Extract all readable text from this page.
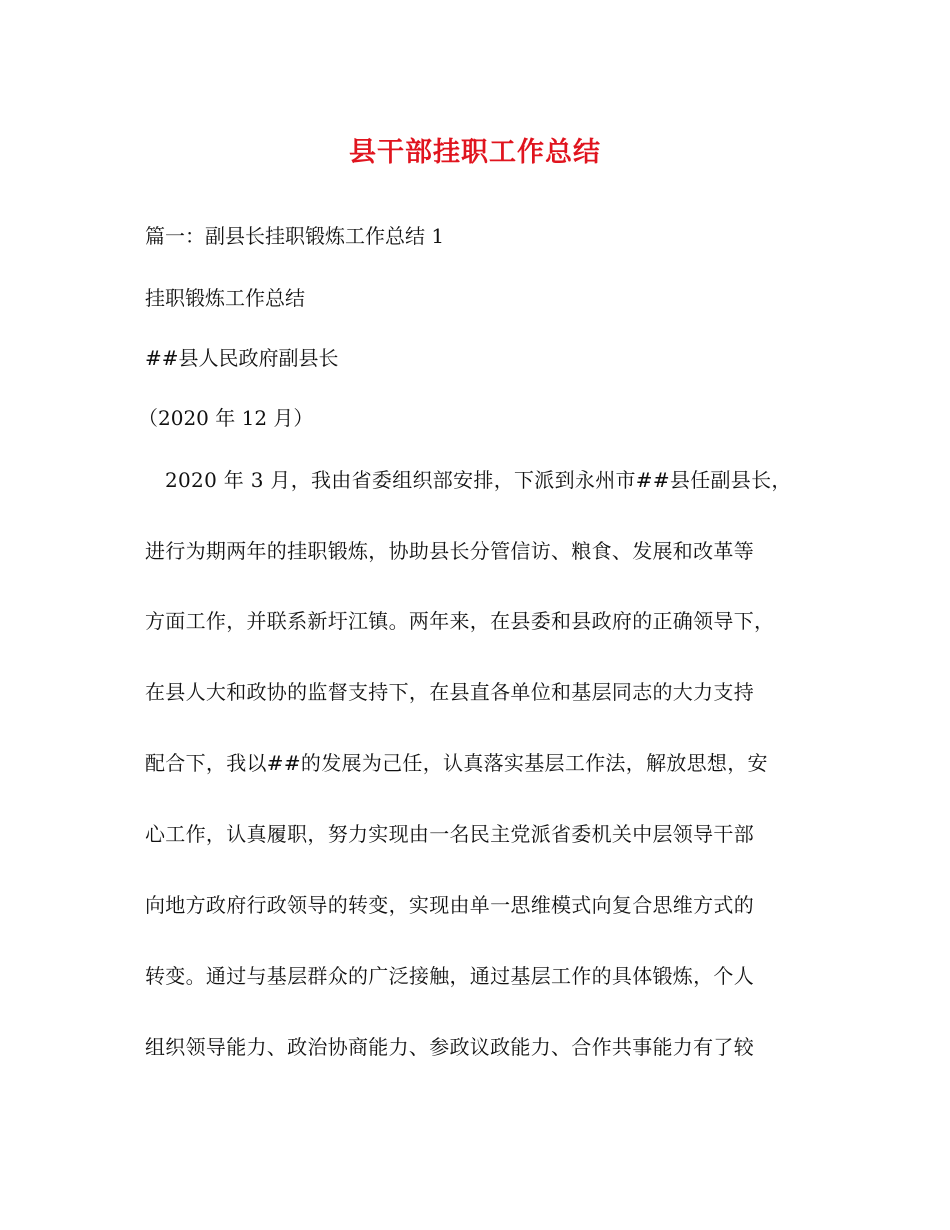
县干部挂职工作总结
篇一：副县长挂职锻炼工作总结 1
挂职锻炼工作总结
##县人民政府副县长
（2020 年 12 月）
2020 年 3 月，我由省委组织部安排，下派到永州市##县任副县长，
进行为期两年的挂职锻炼，协助县长分管信访、粮食、发展和改革等
方面工作，并联系新圩江镇。两年来，在县委和县政府的正确领导下，
在县人大和政协的监督支持下，在县直各单位和基层同志的大力支持
配合下，我以##的发展为己任，认真落实基层工作法，解放思想，安
心工作，认真履职，努力实现由一名民主党派省委机关中层领导干部
向地方政府行政领导的转变，实现由单一思维模式向复合思维方式的
转变。通过与基层群众的广泛接触，通过基层工作的具体锻炼，个人
组织领导能力、政治协商能力、参政议政能力、合作共事能力有了较
